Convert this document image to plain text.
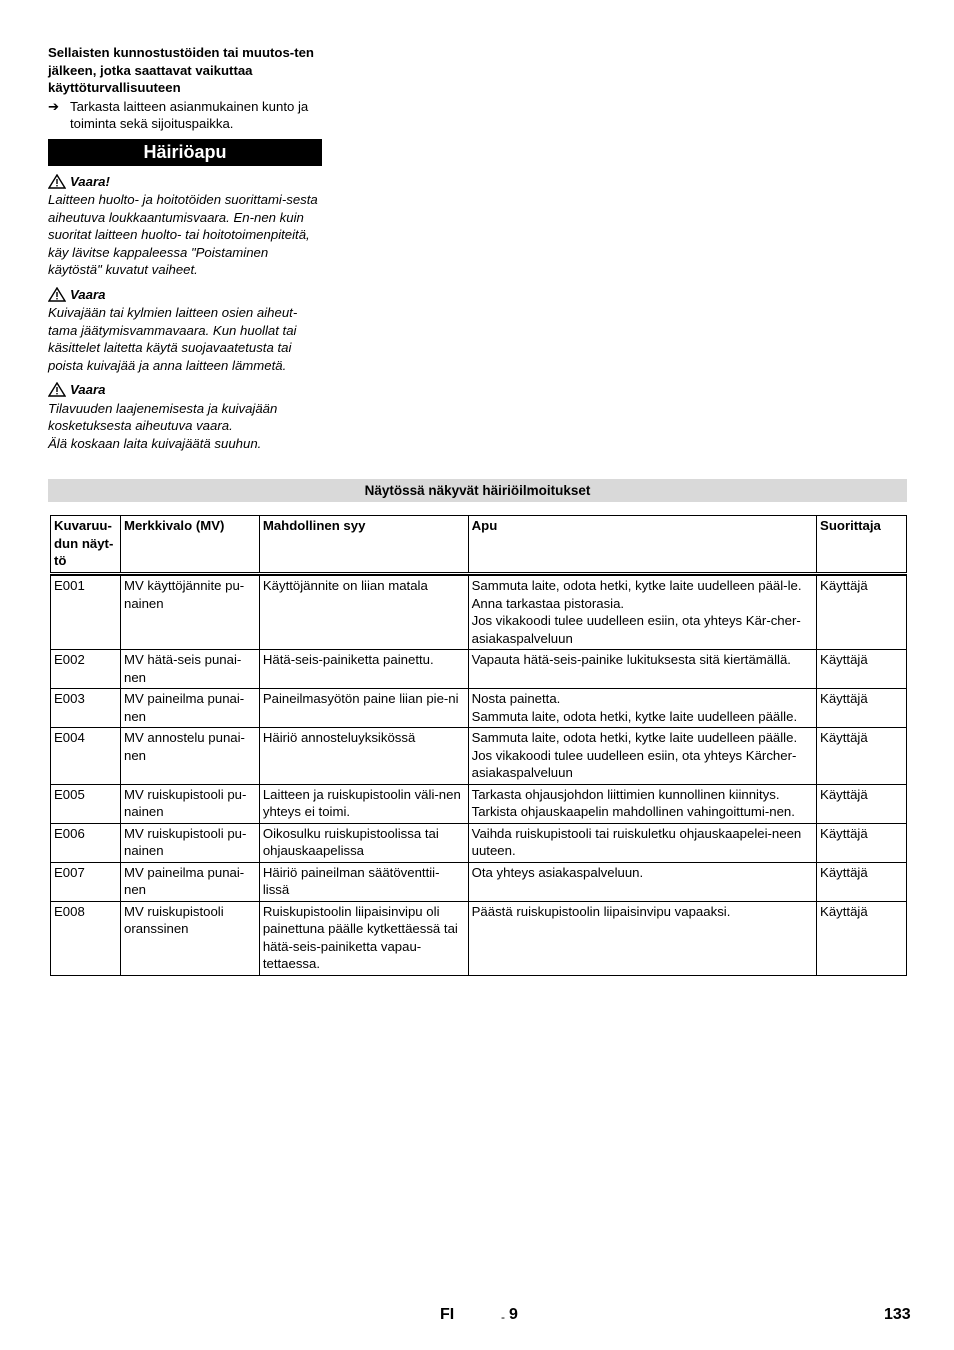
Sellaisten kunnostustöiden tai muutos-ten jälkeen, jotka saattavat vaikuttaa käyttöturvallisuuteen

➔ Tarkasta laitteen asianmukainen kunto ja toiminta sekä sijoituspaikka.
Häiriöapu
Vaara!

Laitteen huolto- ja hoitotöiden suorittami-sesta aiheutuva loukkaantumisvaara. En-nen kuin suoritat laitteen huolto- tai hoitotoimenpiteitä, käy lävitse kappaleessa "Poistaminen käytöstä" kuvatut vaiheet.

Vaara

Kuivajään tai kylmien laitteen osien aiheut-tama jäätymisvammavaara. Kun huollat tai käsittelet laitetta käytä suojavaatetusta tai poista kuivajää ja anna laitteen lämmetä.

Vaara

Tilavuuden laajenemisesta ja kuivajään kosketuksesta aiheutuva vaara.

Älä koskaan laita kuivajäätä suuhun.

Näytössä näkyvät häiriöilmoitukset
Kuvaruu-dun näyt-tö	Merkkivalo (MV)	Mahdollinen syy	Apu	Suorittaja

E001	MV käyttöjännite pu-nainen	Käyttöjännite on liian matala	Sammuta laite, odota hetki, kytke laite uudelleen pääl-le.
Anna tarkastaa pistorasia.
Jos vikakoodi tulee uudelleen esiin, ota yhteys Kär-cher-asiakaspalveluun	Käyttäjä
E002	MV hätä-seis punai-nen	Hätä-seis-painiketta painettu.	Vapauta hätä-seis-painike lukituksesta sitä kiertämällä.	Käyttäjä
E003	MV paineilma punai-nen	Paineilmasyötön paine liian pie-ni	Nosta painetta.
Sammuta laite, odota hetki, kytke laite uudelleen päälle.	Käyttäjä
E004	MV annostelu punai-nen	Häiriö annosteluyksikössä	Sammuta laite, odota hetki, kytke laite uudelleen päälle.
Jos vikakoodi tulee uudelleen esiin, ota yhteys Kärcher-asiakaspalveluun	Käyttäjä
E005	MV ruiskupistooli pu-nainen	Laitteen ja ruiskupistoolin väli-nen yhteys ei toimi.	Tarkasta ohjausjohdon liittimien kunnollinen kiinnitys.
Tarkista ohjauskaapelin mahdollinen vahingoittumi-nen.	Käyttäjä
E006	MV ruiskupistooli pu-nainen	Oikosulku ruiskupistoolissa tai ohjauskaapelissa	Vaihda ruiskupistooli tai ruiskuletku ohjauskaapelei-neen uuteen.	Käyttäjä
E007	MV paineilma punai-nen	Häiriö paineilman säätöventtii-lissä	Ota yhteys asiakaspalveluun.	Käyttäjä
E008	MV ruiskupistooli oranssinen	Ruiskupistoolin liipaisinvipu oli painettuna päälle kytkettäessä tai hätä-seis-painiketta vapau-tettaessa.	Päästä ruiskupistoolin liipaisinvipu vapaaksi.	Käyttäjä
FI	- 9	133
